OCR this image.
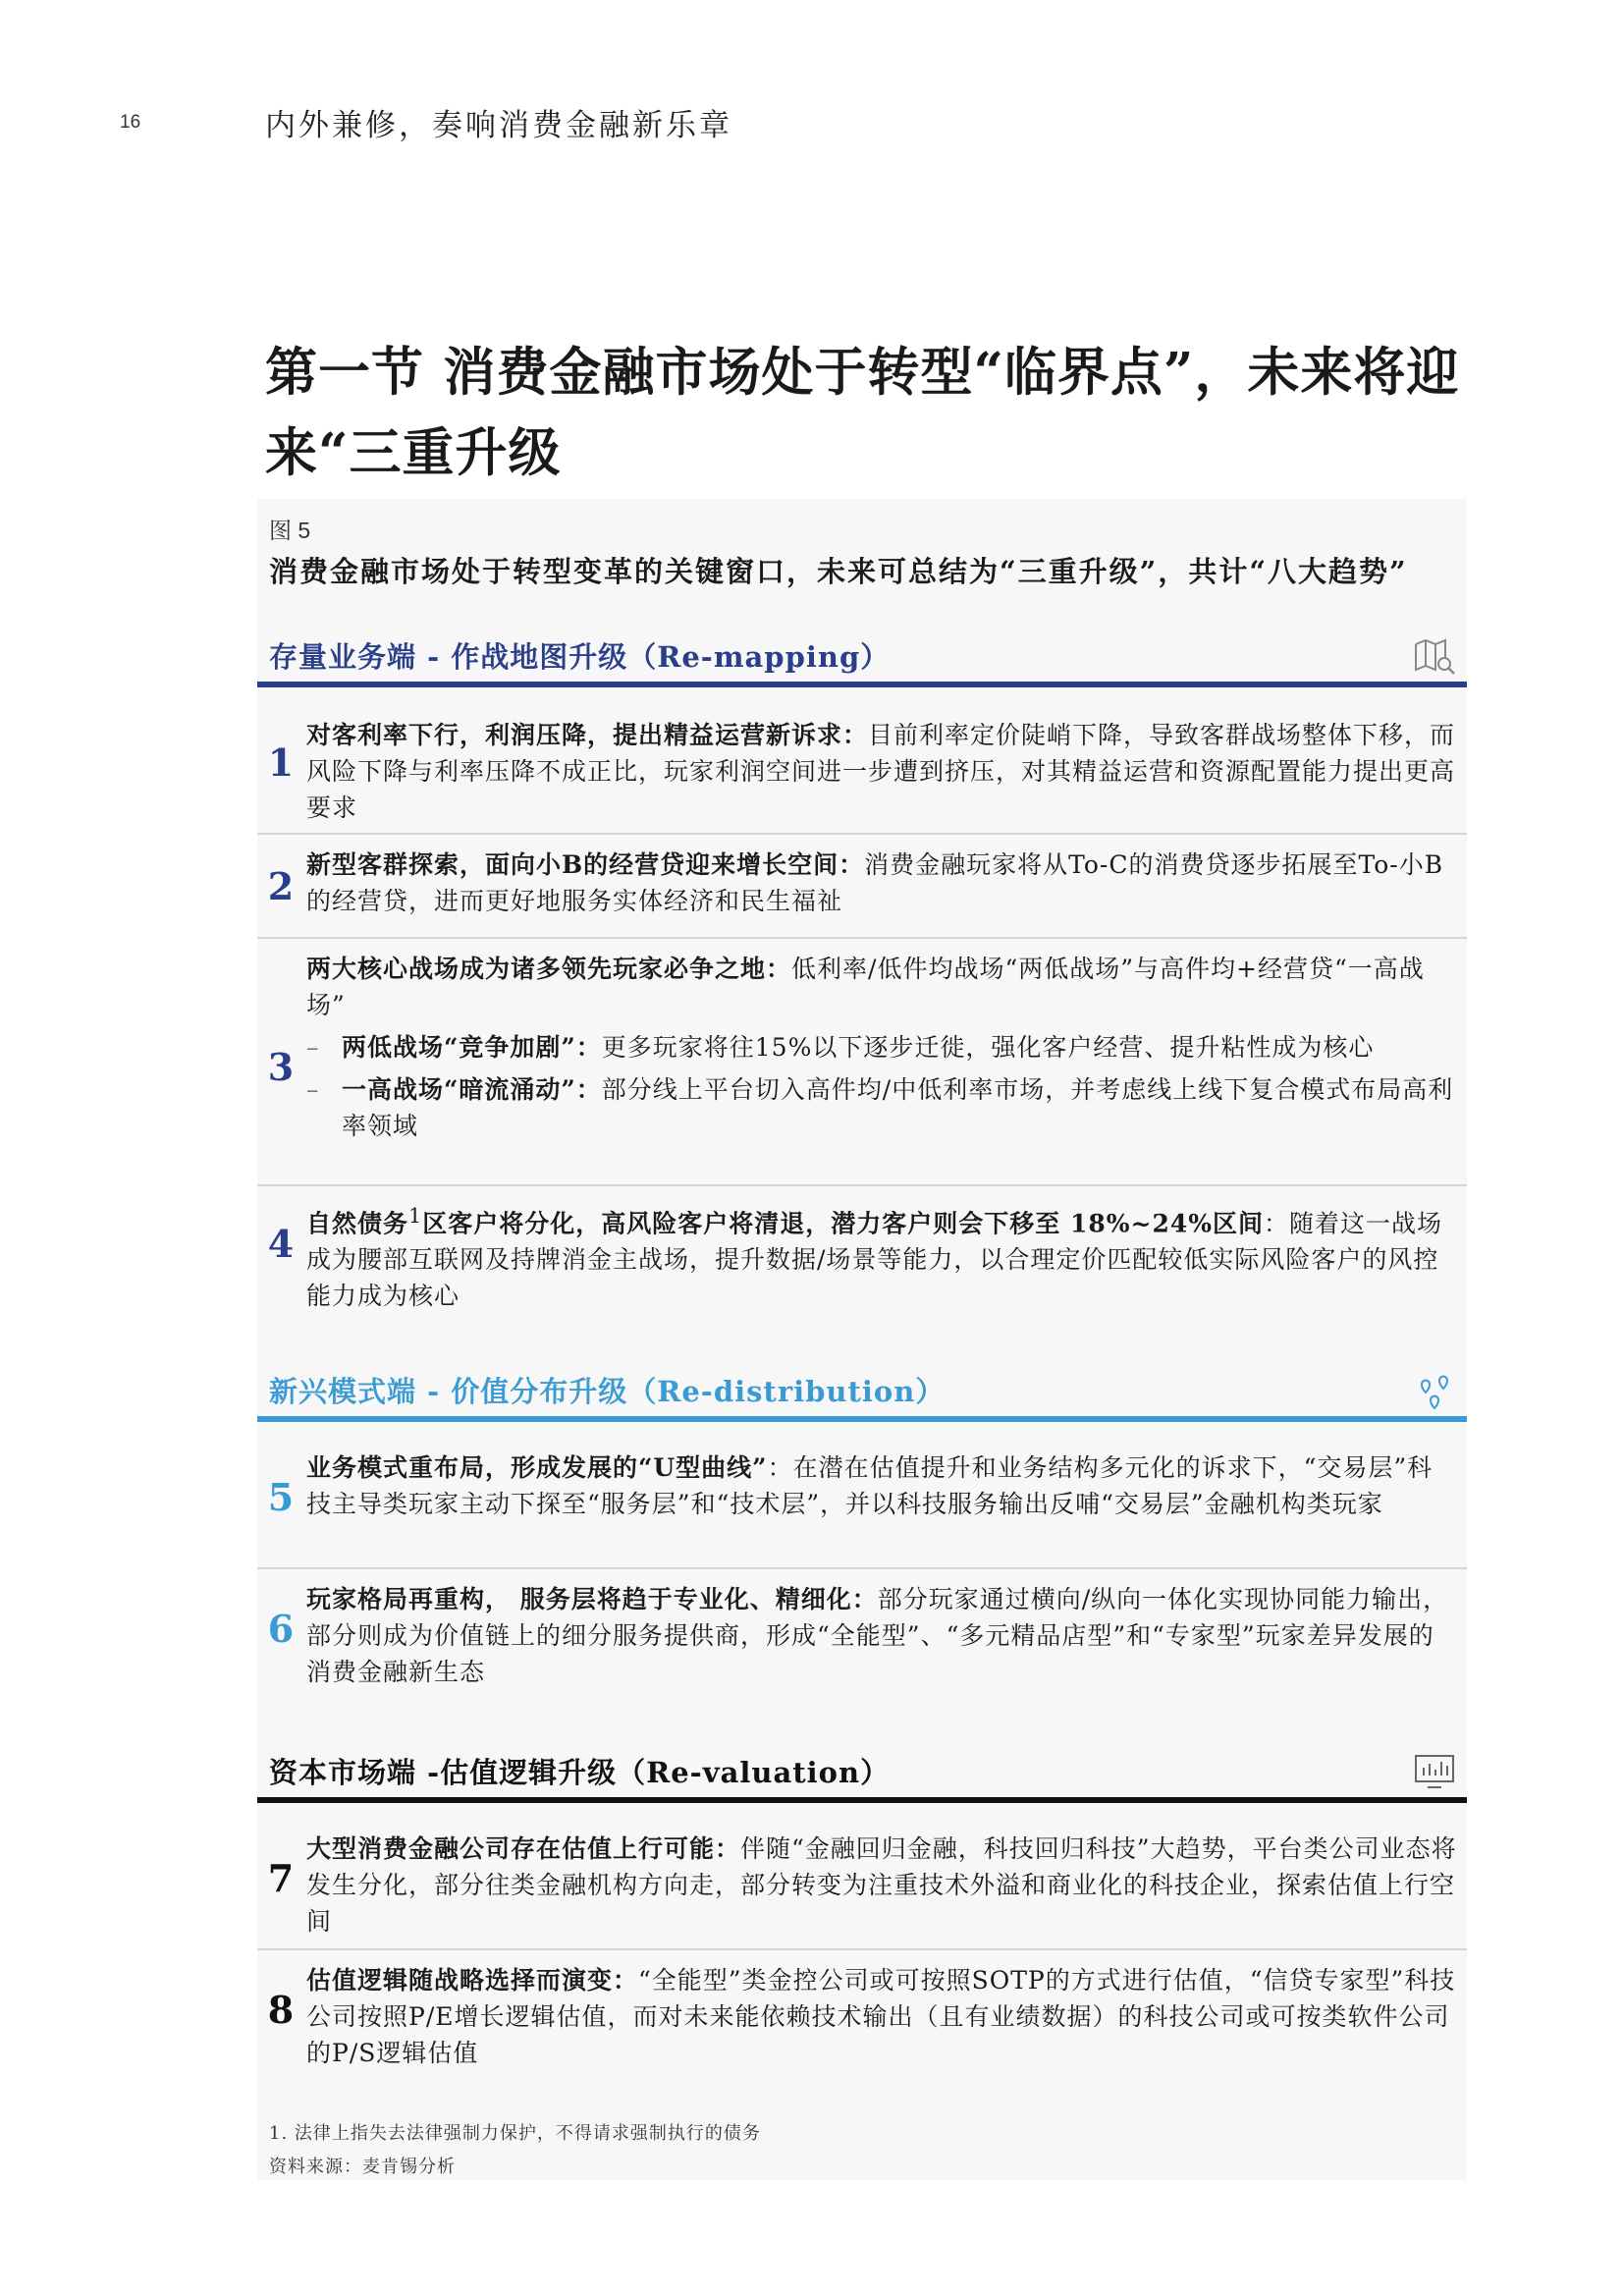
16	内外兼修，奏响消费金融新乐章
第一节 消费金融市场处于转型“临界点”，未来将迎来“三重升级
图 5
消费金融市场处于转型变革的关键窗口，未来可总结为“三重升级”，共计“八大趋势”
存量业务端 - 作战地图升级（Re-mapping）
1
对客利率下行，利润压降，提出精益运营新诉求：目前利率定价陡峭下降，导致客群战场整体下移，而风险下降与利率压降不成正比，玩家利润空间进一步遭到挤压，对其精益运营和资源配置能力提出更高要求
2 新型客群探索，面向小B的经营贷迎来增长空间：消费金融玩家将从To-C的消费贷逐步拓展至To-小B的经营贷，进而更好地服务实体经济和民生福祉
3
两大核心战场成为诸多领先玩家必争之地：低利率/低件均战场“两低战场”与高件均+经营贷“一高战场”
– 两低战场“竞争加剧”：更多玩家将往15%以下逐步迁徙，强化客户经营、提升粘性成为核心
– 一高战场“暗流涌动”：部分线上平台切入高件均/中低利率市场，并考虑线上线下复合模式布局高利率领域
4 自然债务$^1$区客户将分化，高风险客户将清退，潜力客户则会下移至 18%~24%区间：随着这一战场成为腰部互联网及持牌消金主战场，提升数据/场景等能力，以合理定价匹配较低实际风险客户的风控能力成为核心
新兴模式端 - 价值分布升级（Re-distribution）
5
业务模式重布局，形成发展的“U型曲线”：在潜在估值提升和业务结构多元化的诉求下，“交易层”科技主导类玩家主动下探至“服务层”和“技术层”，并以科技服务输出反哺“交易层”金融机构类玩家
6
玩家格局再重构， 服务层将趋于专业化、精细化：部分玩家通过横向/纵向一体化实现协同能力输出，部分则成为价值链上的细分服务提供商，形成“全能型”、“多元精品店型”和“专家型”玩家差异发展的消费金融新生态
资本市场端 -估值逻辑升级（Re-valuation）
7
大型消费金融公司存在估值上行可能：伴随“金融回归金融，科技回归科技”大趋势，平台类公司业态将发生分化，部分往类金融机构方向走，部分转变为注重技术外溢和商业化的科技企业，探索估值上行空间
8
估值逻辑随战略选择而演变：“全能型”类金控公司或可按照SOTP的方式进行估值，“信贷专家型”科技公司按照P/E增长逻辑估值，而对未来能依赖技术输出（且有业绩数据）的科技公司或可按类软件公司的P/S逻辑估值
1. 法律上指失去法律强制力保护，不得请求强制执行的债务
资料来源：麦肯锡分析
